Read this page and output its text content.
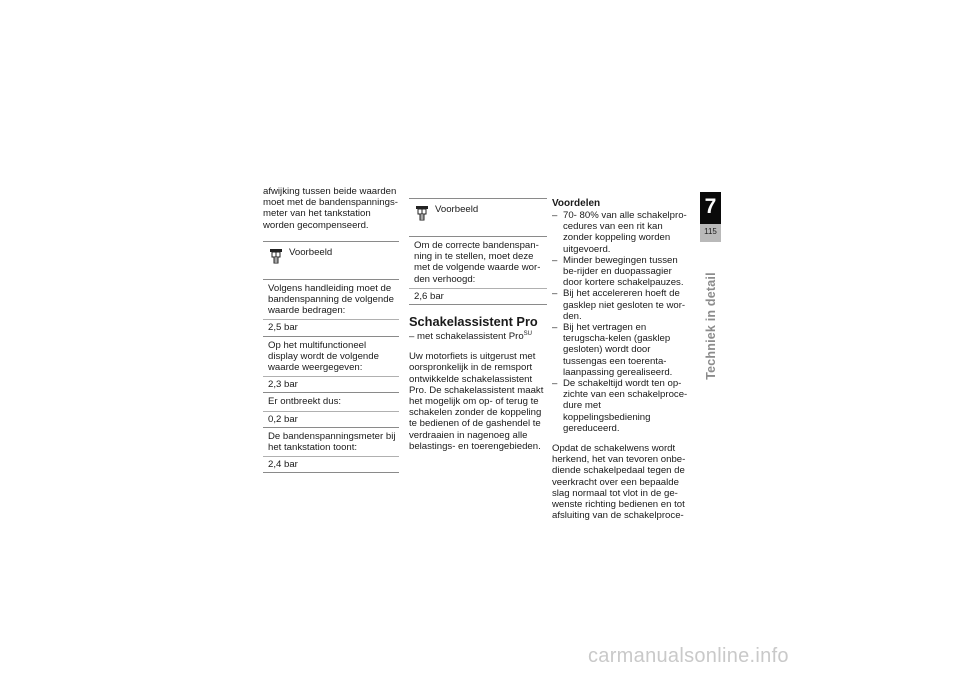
afwijking tussen beide waarden moet met de bandenspannings-meter van het tankstation worden gecompenseerd.

Voorbeeld
Volgens handleiding moet de bandenspanning de volgende waarde bedragen:
2,5 bar
Op het multifunctioneel display wordt de volgende waarde weergegeven:
2,3 bar
Er ontbreekt dus:
0,2 bar
De bandenspanningsmeter bij het tankstation toont:
2,4 bar
Voorbeeld
Om de correcte bandenspan-ning in te stellen, moet deze met de volgende waarde wor-den verhoogd:
2,6 bar
Schakelassistent Pro
– met schakelassistent Pro$^{SU}$

Uw motorfiets is uitgerust met oorspronkelijk in de remsport ontwikkelde schakelassistent Pro. De schakelassistent maakt het mogelijk om op- of terug te schakelen zonder de koppeling te bedienen of de gashendel te verdraaien in nagenoeg alle belastings- en toerengebieden.

Voordelen
– 70- 80% van alle schakelpro-cedures van een rit kan zonder koppeling worden uitgevoerd.
– Minder bewegingen tussen be-rijder en duopassagier door kortere schakelpauzes.
– Bij het accelereren hoeft de gasklep niet gesloten te wor-den.
– Bij het vertragen en terugscha-kelen (gasklep gesloten) wordt door tussengas een toerenta-laanpassing gerealiseerd.
– De schakeltijd wordt ten op-zichte van een schakelproce-dure met koppelingsbediening gereduceerd.

Opdat de schakelwens wordt herkend, het van tevoren onbe-diende schakelpedaal tegen de veerkracht over een bepaalde slag normaal tot vlot in de ge-wenste richting bedienen en tot afsluiting van de schakelproce-

7
115
Techniek in detail
carmanualsonline.info
